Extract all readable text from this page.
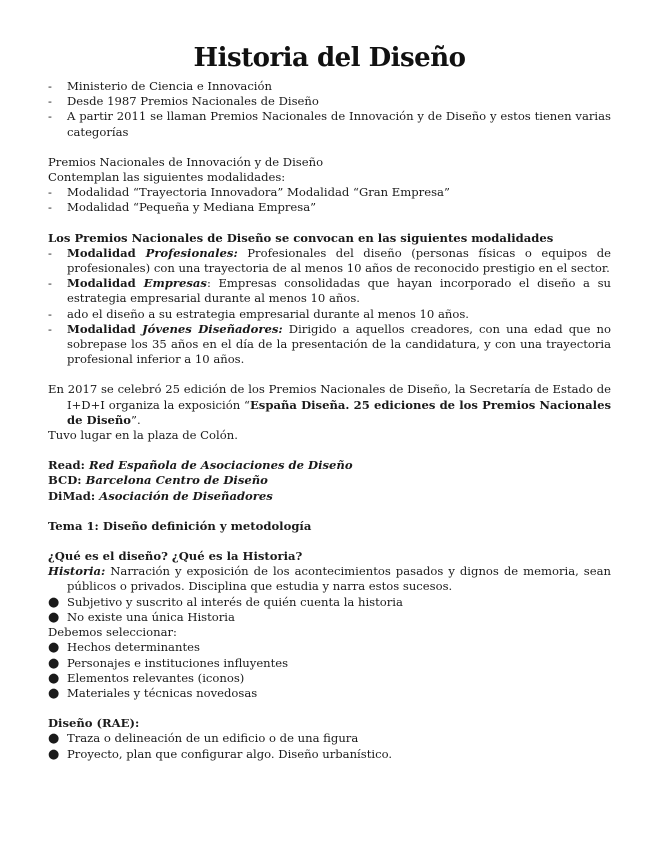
Historia del Diseño
- Ministerio de Ciencia e Innovación
- Desde 1987 Premios Nacionales de Diseño
- A partir 2011 se llaman Premios Nacionales de Innovación y de Diseño y estos tienen varias categorías

Premios Nacionales de Innovación y de Diseño

Contemplan las siguientes modalidades:

- Modalidad “Trayectoria Innovadora” Modalidad “Gran Empresa”
- Modalidad “Pequeña y Mediana Empresa”

Los Premios Nacionales de Diseño se convocan en las siguientes modalidades

- Modalidad Profesionales: Profesionales del diseño (personas físicas o equipos de profesionales) con una trayectoria de al menos 10 años de reconocido prestigio en el sector.
- Modalidad Empresas: Empresas consolidadas que hayan incorporado el diseño a su estrategia empresarial durante al menos 10 años.
- ado el diseño a su estrategia empresarial durante al menos 10 años.
- Modalidad Jóvenes Diseñadores: Dirigido a aquellos creadores, con una edad que no sobrepase los 35 años en el día de la presentación de la candidatura, y con una trayectoria profesional inferior a 10 años.

En 2017 se celebró 25 edición de los Premios Nacionales de Diseño, la Secretaría de Estado de I+D+I organiza la exposición “España Diseña. 25 ediciones de los Premios Nacionales de Diseño”.

Tuvo lugar en la plaza de Colón.

Read: Red Española de Asociaciones de Diseño

BCD: Barcelona Centro de Diseño

DiMad: Asociación de Diseñadores

Tema 1: Diseño definición y metodología

¿Qué es el diseño? ¿Qué es la Historia?

Historia: Narración y exposición de los acontecimientos pasados y dignos de memoria, sean públicos o privados. Disciplina que estudia y narra estos sucesos.

● Subjetivo y suscrito al interés de quién cuenta la historia
● No existe una única Historia

Debemos seleccionar:

● Hechos determinantes
● Personajes e instituciones influyentes
● Elementos relevantes (iconos)
● Materiales y técnicas novedosas

Diseño (RAE):

● Traza o delineación de un edificio o de una figura
● Proyecto, plan que configurar algo. Diseño urbanístico.
